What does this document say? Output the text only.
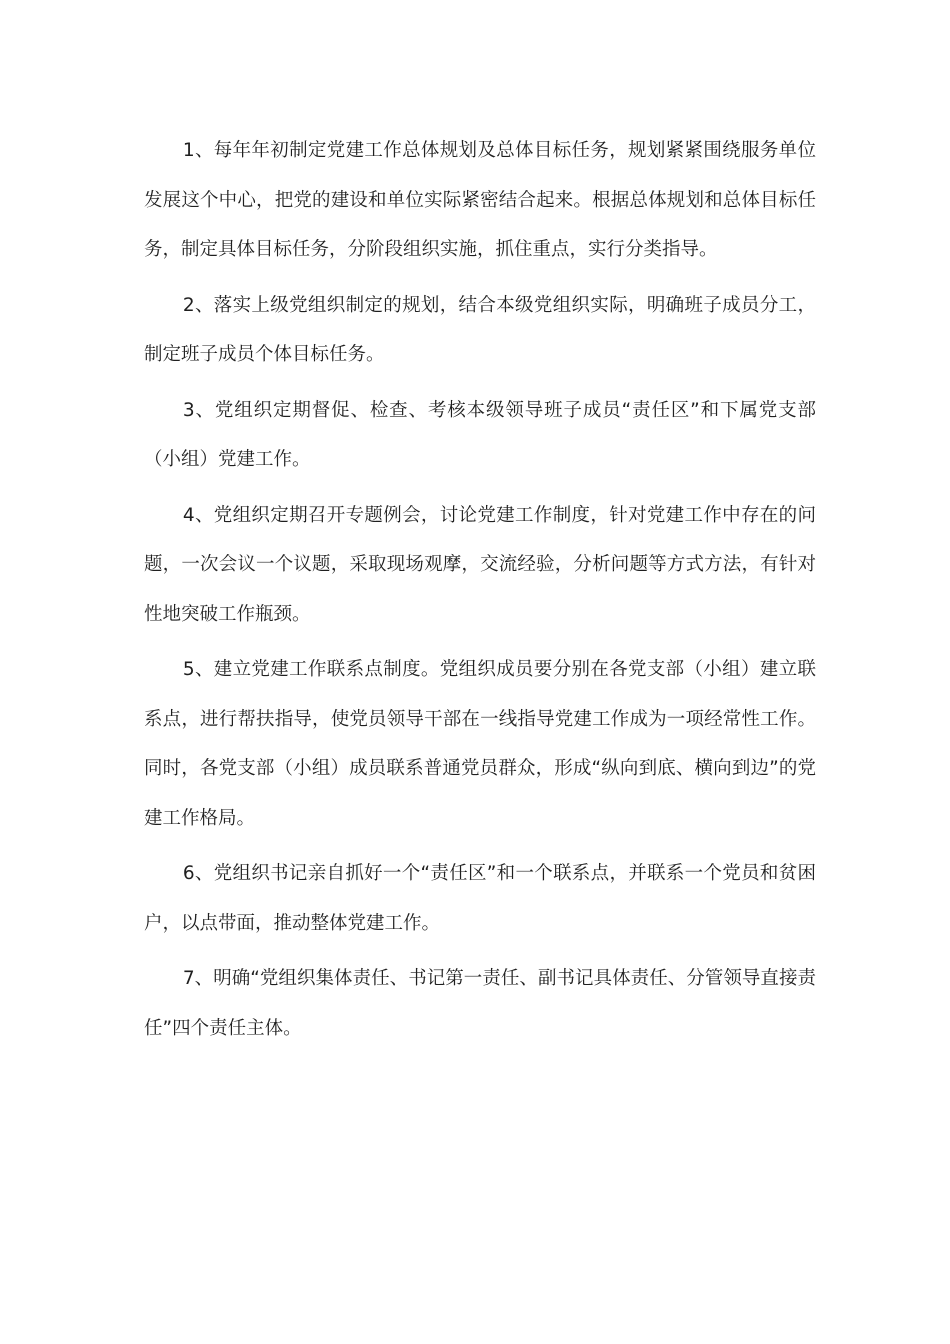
1、每年年初制定党建工作总体规划及总体目标任务，规划紧紧围绕服务单位发展这个中心，把党的建设和单位实际紧密结合起来。根据总体规划和总体目标任务，制定具体目标任务，分阶段组织实施，抓住重点，实行分类指导。

2、落实上级党组织制定的规划，结合本级党组织实际，明确班子成员分工，制定班子成员个体目标任务。

3、党组织定期督促、检查、考核本级领导班子成员“责任区”和下属党支部（小组）党建工作。

4、党组织定期召开专题例会，讨论党建工作制度，针对党建工作中存在的问题，一次会议一个议题，采取现场观摩，交流经验，分析问题等方式方法，有针对性地突破工作瓶颈。

5、建立党建工作联系点制度。党组织成员要分别在各党支部（小组）建立联系点，进行帮扶指导，使党员领导干部在一线指导党建工作成为一项经常性工作。同时，各党支部（小组）成员联系普通党员群众，形成“纵向到底、横向到边”的党建工作格局。

6、党组织书记亲自抓好一个“责任区”和一个联系点，并联系一个党员和贫困户，以点带面，推动整体党建工作。

7、明确“党组织集体责任、书记第一责任、副书记具体责任、分管领导直接责任”四个责任主体。
